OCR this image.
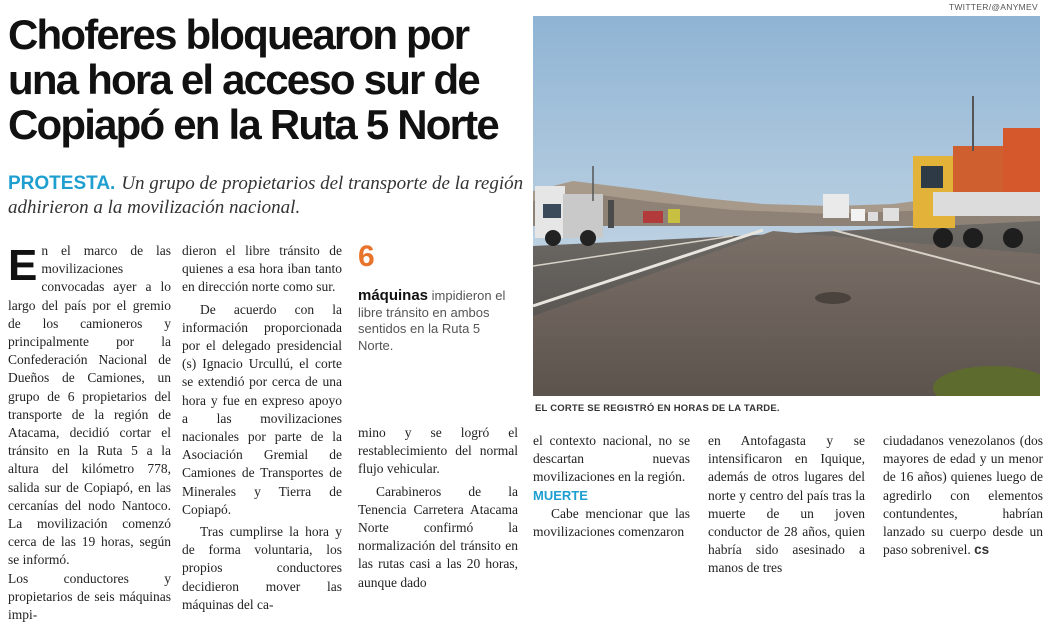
Choferes bloquearon por
una hora el acceso sur de
Copiapó en la Ruta 5 Norte
PROTESTA. Un grupo de propietarios del transporte de la región adhirieron a la movilización nacional.

En el marco de las movilizaciones convocadas ayer a lo largo del país por el gremio de los camioneros y principalmente por la Confederación Nacional de Dueños de Camiones, un grupo de 6 propietarios del transporte de la región de Atacama, decidió cortar el tránsito en la Ruta 5 a la altura del kilómetro 778, salida sur de Copiapó, en las cercanías del nodo Nantoco. La movilización comenzó cerca de las 19 horas, según se informó.

Los conductores y propietarios de seis máquinas impi-

dieron el libre tránsito de quienes a esa hora iban tanto en dirección norte como sur.

De acuerdo con la información proporcionada por el delegado presidencial (s) Ignacio Urcullú, el corte se extendió por cerca de una hora y fue en expreso apoyo a las movilizaciones nacionales por parte de la Asociación Gremial de Camiones de Transportes de Minerales y Tierra de Copiapó.

Tras cumplirse la hora y de forma voluntaria, los propios conductores decidieron mover las máquinas del ca-

6
máquinas impidieron el libre tránsito en ambos sentidos en la Ruta 5 Norte.

mino y se logró el restablecimiento del normal flujo vehicular.

Carabineros de la Tenencia Carretera Atacama Norte confirmó la normalización del tránsito en las rutas casi a las 20 horas, aunque dado

TWITTER/@ANYMEV
EL CORTE SE REGISTRÓ EN HORAS DE LA TARDE.

el contexto nacional, no se descartan nuevas movilizaciones en la región.

MUERTE

Cabe mencionar que las movilizaciones comenzaron

en Antofagasta y se intensificaron en Iquique, además de otros lugares del norte y centro del país tras la muerte de un joven conductor de 28 años, quien habría sido asesinado a manos de tres

ciudadanos venezolanos (dos mayores de edad y un menor de 16 años) quienes luego de agredirlo con elementos contundentes, habrían lanzado su cuerpo desde un paso sobrenivel. cs
